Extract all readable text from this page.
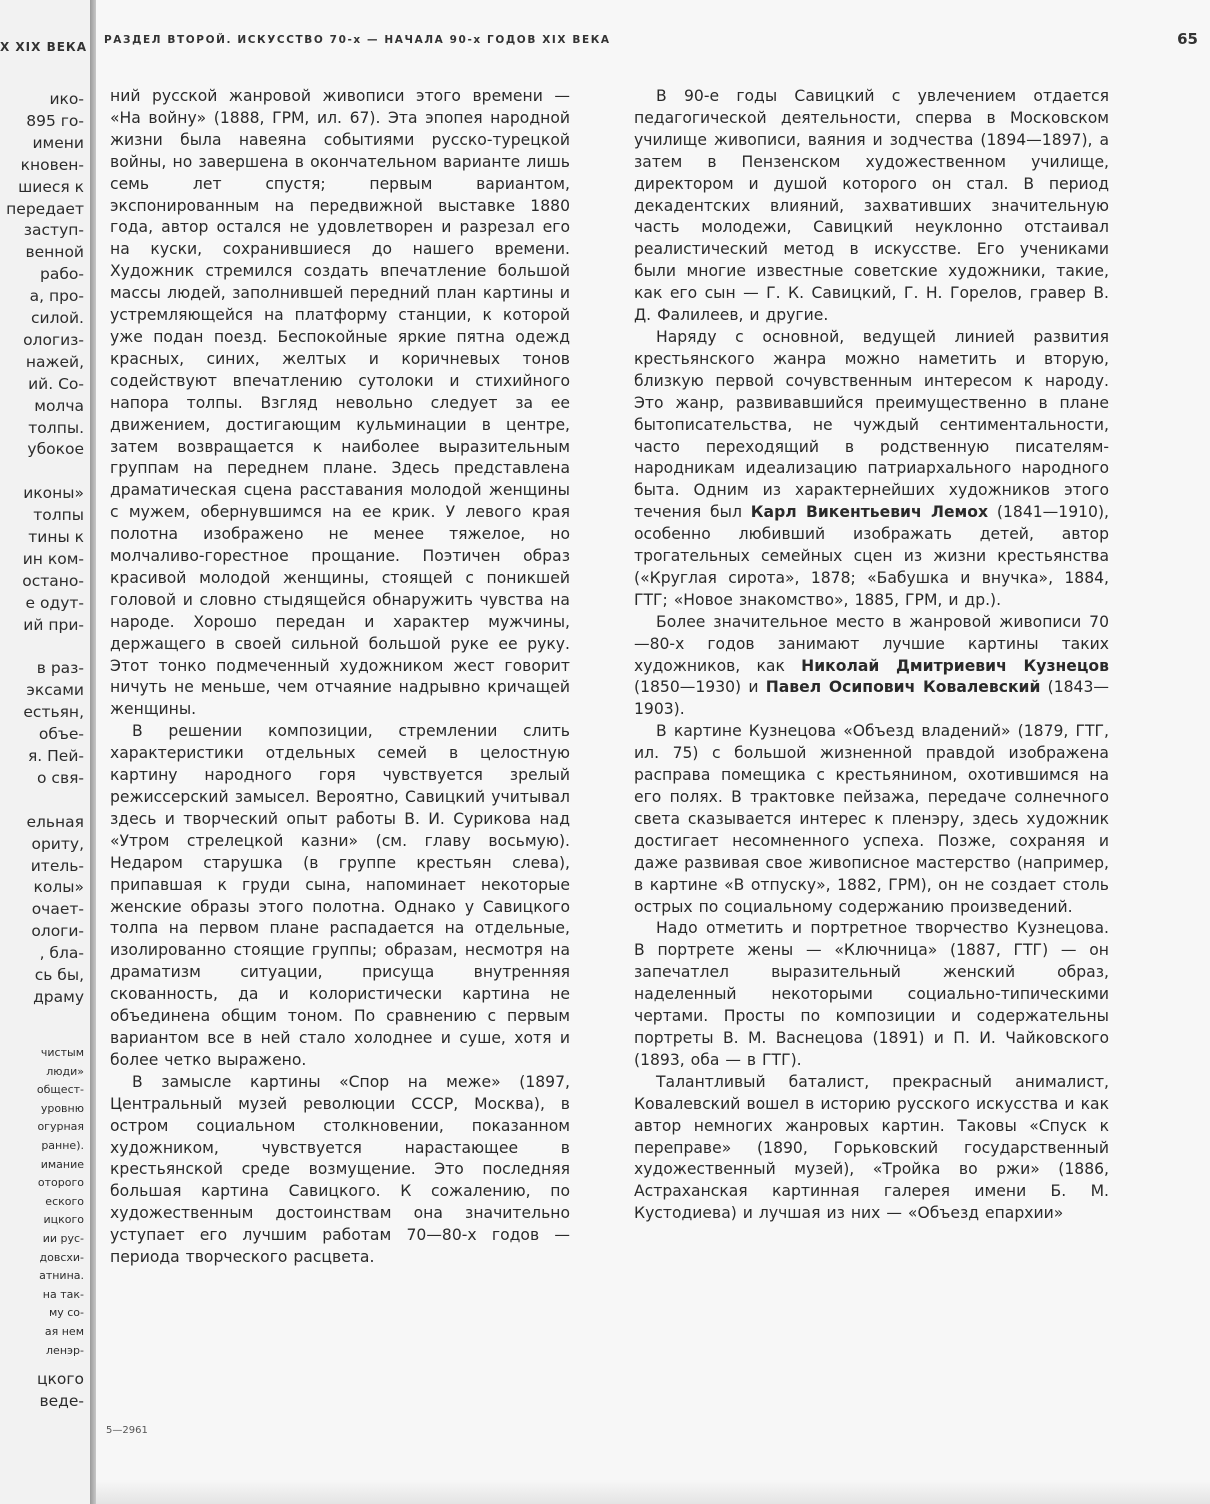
Х XIX ВЕКА
ико-
895 го-
имени
кновен-
шиеся к
передает
заступ-
венной
рабо-
а, про-
силой.
ологиз-
нажей,
ий. Со-
молча
толпы.
убокое
иконы»
толпы
тины к
ин ком-
остано-
е одут-
ий при-
в раз-
эксами
естьян,
объе-
я. Пей-
о свя-
ельная
ориту,
итель-
колы»
очает-
ологи-
, бла-
сь бы,
драму
чистым
люди»
общест-
уровню
огурная
ранне).
имание
оторого
еского
ицкого
ии рус-
довсхи-
атнина.
на так-
му со-
ая нем
ленэр-
цкого
веде-
РАЗДЕЛ ВТОРОЙ. ИСКУССТВО 70-х — НАЧАЛА 90-х ГОДОВ XIX ВЕКА	65

ний русской жанровой живописи этого времени — «На войну» (1888, ГРМ, ил. 67). Эта эпопея народной жизни была навеяна событиями русско-турецкой войны, но завершена в окончательном варианте лишь семь лет спустя; первым вариантом, экспонированным на передвижной выставке 1880 года, автор остался не удовлетворен и разрезал его на куски, сохранившиеся до нашего времени. Художник стремился создать впечатление большой массы людей, заполнившей передний план картины и устремляющейся на платформу станции, к которой уже подан поезд. Беспокойные яркие пятна одежд красных, синих, желтых и коричневых тонов содействуют впечатлению сутолоки и стихийного напора толпы. Взгляд невольно следует за ее движением, достигающим кульминации в центре, затем возвращается к наиболее выразительным группам на переднем плане. Здесь представлена драматическая сцена расставания молодой женщины с мужем, обернувшимся на ее крик. У левого края полотна изображено не менее тяжелое, но молчаливо-горестное прощание. Поэтичен образ красивой молодой женщины, стоящей с поникшей головой и словно стыдящейся обнаружить чувства на народе. Хорошо передан и характер мужчины, держащего в своей сильной большой руке ее руку. Этот тонко подмеченный художником жест говорит ничуть не меньше, чем отчаяние надрывно кричащей женщины.

В решении композиции, стремлении слить характеристики отдельных семей в целостную картину народного горя чувствуется зрелый режиссерский замысел. Вероятно, Савицкий учитывал здесь и творческий опыт работы В. И. Сурикова над «Утром стрелецкой казни» (см. главу восьмую). Недаром старушка (в группе крестьян слева), припавшая к груди сына, напоминает некоторые женские образы этого полотна. Однако у Савицкого толпа на первом плане распадается на отдельные, изолированно стоящие группы; образам, несмотря на драматизм ситуации, присуща внутренняя скованность, да и колористически картина не объединена общим тоном. По сравнению с первым вариантом все в ней стало холоднее и суше, хотя и более четко выражено.

В замысле картины «Спор на меже» (1897, Центральный музей революции СССР, Москва), в остром социальном столкновении, показанном художником, чувствуется нарастающее в крестьянской среде возмущение. Это последняя большая картина Савицкого. К сожалению, по художественным достоинствам она значительно уступает его лучшим работам 70—80-х годов — периода творческого расцвета.

В 90-е годы Савицкий с увлечением отдается педагогической деятельности, сперва в Московском училище живописи, ваяния и зодчества (1894—1897), а затем в Пензенском художественном училище, директором и душой которого он стал. В период декадентских влияний, захвативших значительную часть молодежи, Савицкий неуклонно отстаивал реалистический метод в искусстве. Его учениками были многие известные советские художники, такие, как его сын — Г. К. Савицкий, Г. Н. Горелов, гравер В. Д. Фалилеев, и другие.

Наряду с основной, ведущей линией развития крестьянского жанра можно наметить и вторую, близкую первой сочувственным интересом к народу. Это жанр, развивавшийся преимущественно в плане бытописательства, не чуждый сентиментальности, часто переходящий в родственную писателям-народникам идеализацию патриархального народного быта. Одним из характернейших художников этого течения был Карл Викентьевич Лемох (1841—1910), особенно любивший изображать детей, автор трогательных семейных сцен из жизни крестьянства («Круглая сирота», 1878; «Бабушка и внучка», 1884, ГТГ; «Новое знакомство», 1885, ГРМ, и др.).

Более значительное место в жанровой живописи 70—80-х годов занимают лучшие картины таких художников, как Николай Дмитриевич Кузнецов (1850—1930) и Павел Осипович Ковалевский (1843—1903).

В картине Кузнецова «Объезд владений» (1879, ГТГ, ил. 75) с большой жизненной правдой изображена расправа помещика с крестьянином, охотившимся на его полях. В трактовке пейзажа, передаче солнечного света сказывается интерес к пленэру, здесь художник достигает несомненного успеха. Позже, сохраняя и даже развивая свое живописное мастерство (например, в картине «В отпуску», 1882, ГРМ), он не создает столь острых по социальному содержанию произведений.

Надо отметить и портретное творчество Кузнецова. В портрете жены — «Ключница» (1887, ГТГ) — он запечатлел выразительный женский образ, наделенный некоторыми социально-типическими чертами. Просты по композиции и содержательны портреты В. М. Васнецова (1891) и П. И. Чайковского (1893, оба — в ГТГ).

Талантливый баталист, прекрасный анималист, Ковалевский вошел в историю русского искусства и как автор немногих жанровых картин. Таковы «Спуск к переправе» (1890, Горьковский государственный художественный музей), «Тройка во ржи» (1886, Астраханская картинная галерея имени Б. М. Кустодиева) и лучшая из них — «Объезд епархии»

5—2961
